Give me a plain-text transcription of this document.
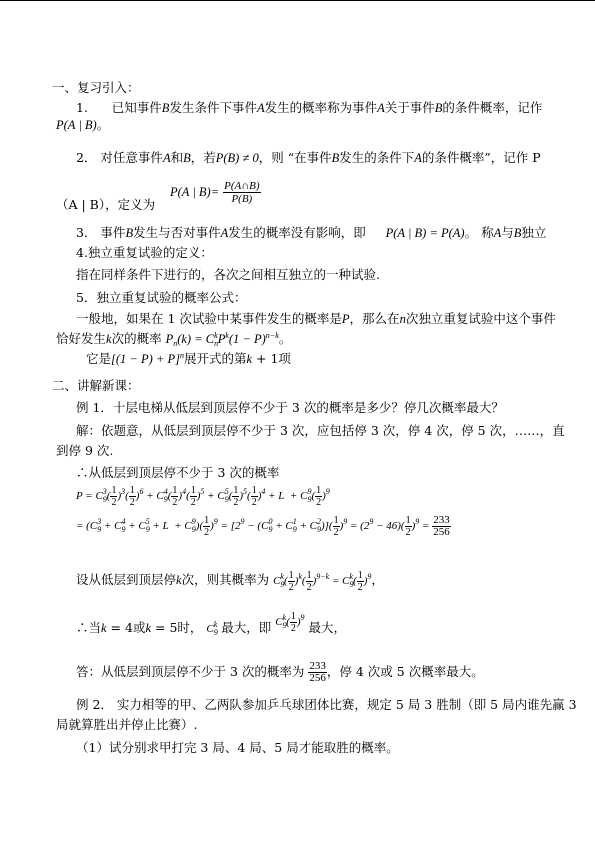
一、复习引入：
1. 已知事件B发生条件下事件A发生的概率称为事件A关于事件B的条件概率，记作
P(A | B)。
2． 对任意事件A和B，若P(B) ≠ 0，则 “在事件B发生的条件下A的条件概率”，记作 P
P(A | $B)= \frac{P(A\cap B)}{P(B)}$
（A | B），定义为
3． 事件B发生与否对事件A发生的概率没有影响，即 P(A | B) = P(A)。 称A与B独立
4.独立重复试验的定义：
指在同样条件下进行的，各次之间相互独立的一种试验.
5．独立重复试验的概率公式：
一般地，如果在 1 次试验中某事件发生的概率是P，那么在n次独立重复试验中这个事件
恰好发生k次的概率 $P_n(k) = C_n^kP^k(1 - P)^{n-k}$。
它是$[(1 - P) + P]^n$展开式的第k + 1项
二、讲解新课：
例 1．十层电梯从低层到顶层停不少于 3 次的概率是多少？停几次概率最大？
解：依题意，从低层到顶层停不少于 3 次，应包括停 3 次，停 4 次，停 5 次，……，直
到停 9 次.
∴从低层到顶层停不少于 3 次的概率
$P = C_9^3( \frac{1}{2} )^3( \frac{1}{2} )^6 + C_9^4( \frac{1}{2} )^4( \frac{1}{2} )^5 + C_9^5( \frac{1}{2} )^5( \frac{1}{2} )^4 + L + C_9^9( \frac{1}{2} )^9$
= $(C_9^3 + C_9^4 + C_9^5 + L + C_9^9)( \frac{1}{2} )^9 = [2^9 - (C_9^0 + C_9^1 + C_9^2)]( \frac{1}{2} )^9 = (2^9 - 46)( \frac{1}{2} )^9 = \frac{233}{256}$
设从低层到顶层停k次，则其概率为 $C_9^k( \frac{1}{2} )^k( \frac{1}{2} )^{9-k} = C_9^k( \frac{1}{2} )^9$，
∴当k = 4或k = 5时， $C_9^k$ 最大，即 $C_9^k( \frac{1}{2} )^9$ 最大，
答：从低层到顶层停不少于 3 次的概率为 $\frac{233}{256}$ ，停 4 次或 5 次概率最大。
例 2． 实力相等的甲、乙两队参加乒乓球团体比赛，规定 5 局 3 胜制（即 5 局内谁先赢 3
局就算胜出并停止比赛）.
（1）试分别求甲打完 3 局、4 局、5 局才能取胜的概率。
